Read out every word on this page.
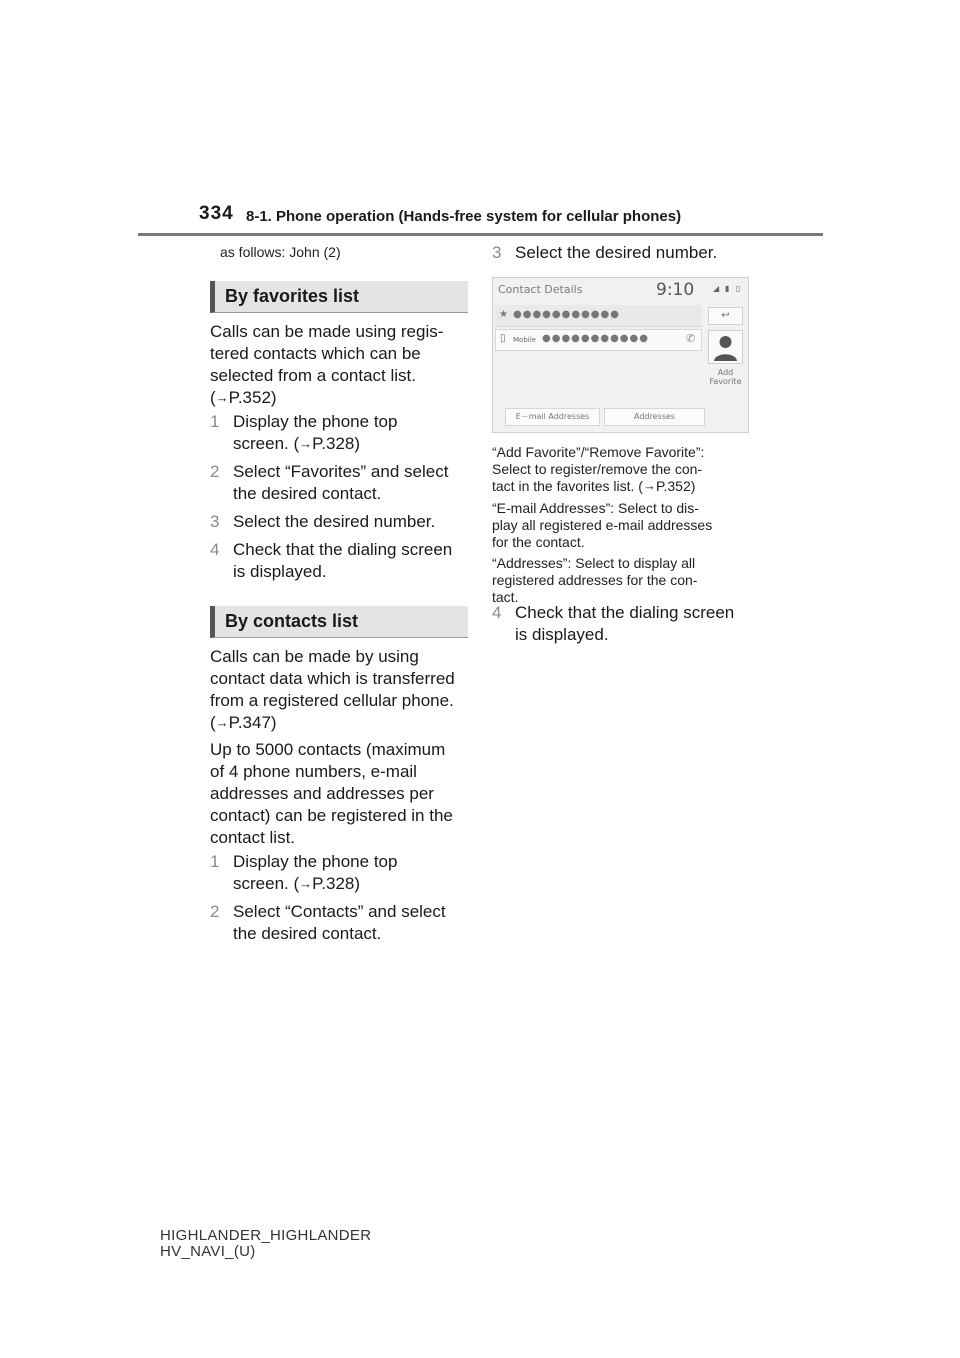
334 8-1. Phone operation (Hands-free system for cellular phones)
as follows: John (2)
By favorites list
Calls can be made using regis-
tered contacts which can be
selected from a contact list.
(→P.352)
1 Display the phone top
screen. (→P.328)
2 Select “Favorites” and select
the desired contact.
3 Select the desired number.
4 Check that the dialing screen
is displayed.
By contacts list
Calls can be made by using
contact data which is transferred
from a registered cellular phone.
(→P.347)
Up to 5000 contacts (maximum
of 4 phone numbers, e-mail
addresses and addresses per
contact) can be registered in the
contact list.
1 Display the phone top
screen. (→P.328)
2 Select “Contacts” and select
the desired contact.
3 Select the desired number.
Contact Details	9:10 ◢ ▮ ▯
★ ●●●●●●●●●●●
▯ Mobile ●●●●●●●●●●●	✆
↩
Add
Favorite
E－mail Addresses	Addresses
“Add Favorite”/“Remove Favorite”:
Select to register/remove the con-
tact in the favorites list. (→P.352)
“E-mail Addresses”: Select to dis-
play all registered e-mail addresses
for the contact.
“Addresses”: Select to display all
registered addresses for the con-
tact.
4 Check that the dialing screen
is displayed.
HIGHLANDER_HIGHLANDER
HV_NAVI_(U)
